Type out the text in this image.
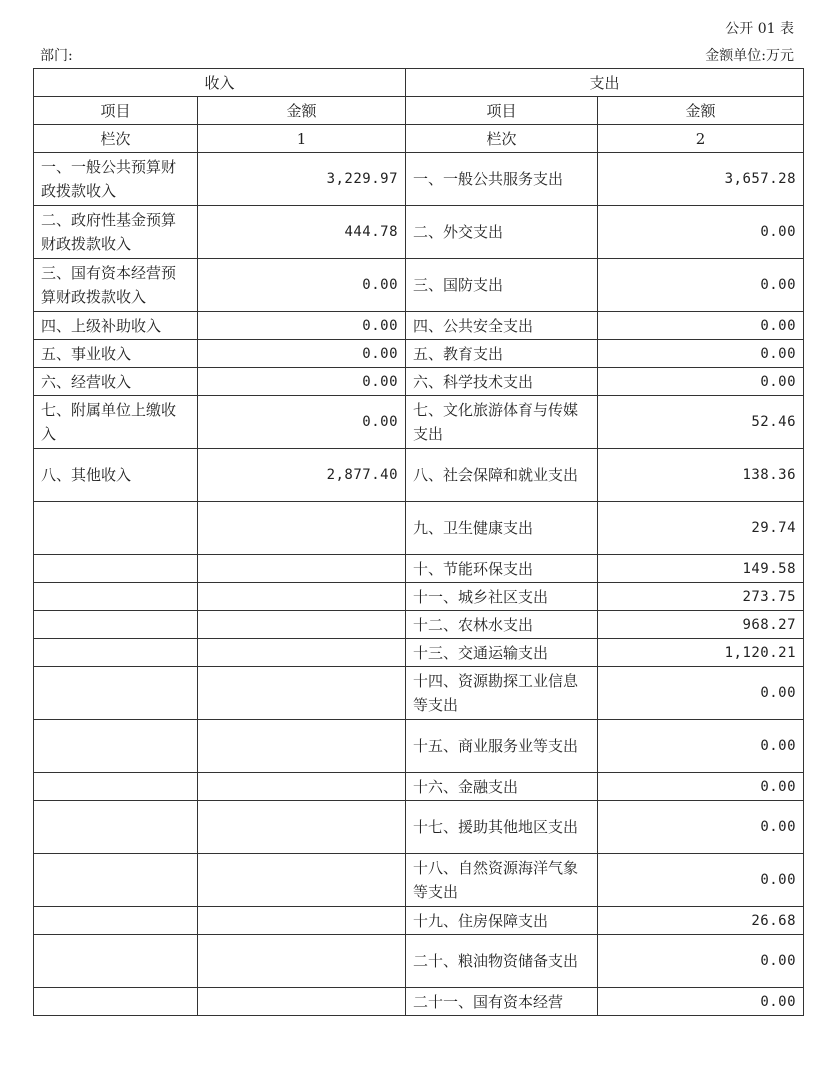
公开 01 表
部门:	金额单位:万元
收入		支出	
项目	金额	项目	金额
栏次	1	栏次	2
一、一般公共预算财政拨款收入	3,229.97	一、一般公共服务支出	3,657.28
二、政府性基金预算财政拨款收入	444.78	二、外交支出	0.00
三、国有资本经营预算财政拨款收入	0.00	三、国防支出	0.00
四、上级补助收入	0.00	四、公共安全支出	0.00
五、事业收入	0.00	五、教育支出	0.00
六、经营收入	0.00	六、科学技术支出	0.00
七、附属单位上缴收入	0.00	七、文化旅游体育与传媒支出	52.46
八、其他收入	2,877.40	八、社会保障和就业支出	138.36
		九、卫生健康支出	29.74
		十、节能环保支出	149.58
		十一、城乡社区支出	273.75
		十二、农林水支出	968.27
		十三、交通运输支出	1,120.21
		十四、资源勘探工业信息等支出	0.00
		十五、商业服务业等支出	0.00
		十六、金融支出	0.00
		十七、援助其他地区支出	0.00
		十八、自然资源海洋气象等支出	0.00
		十九、住房保障支出	26.68
		二十、粮油物资储备支出	0.00
		二十一、国有资本经营	0.00
